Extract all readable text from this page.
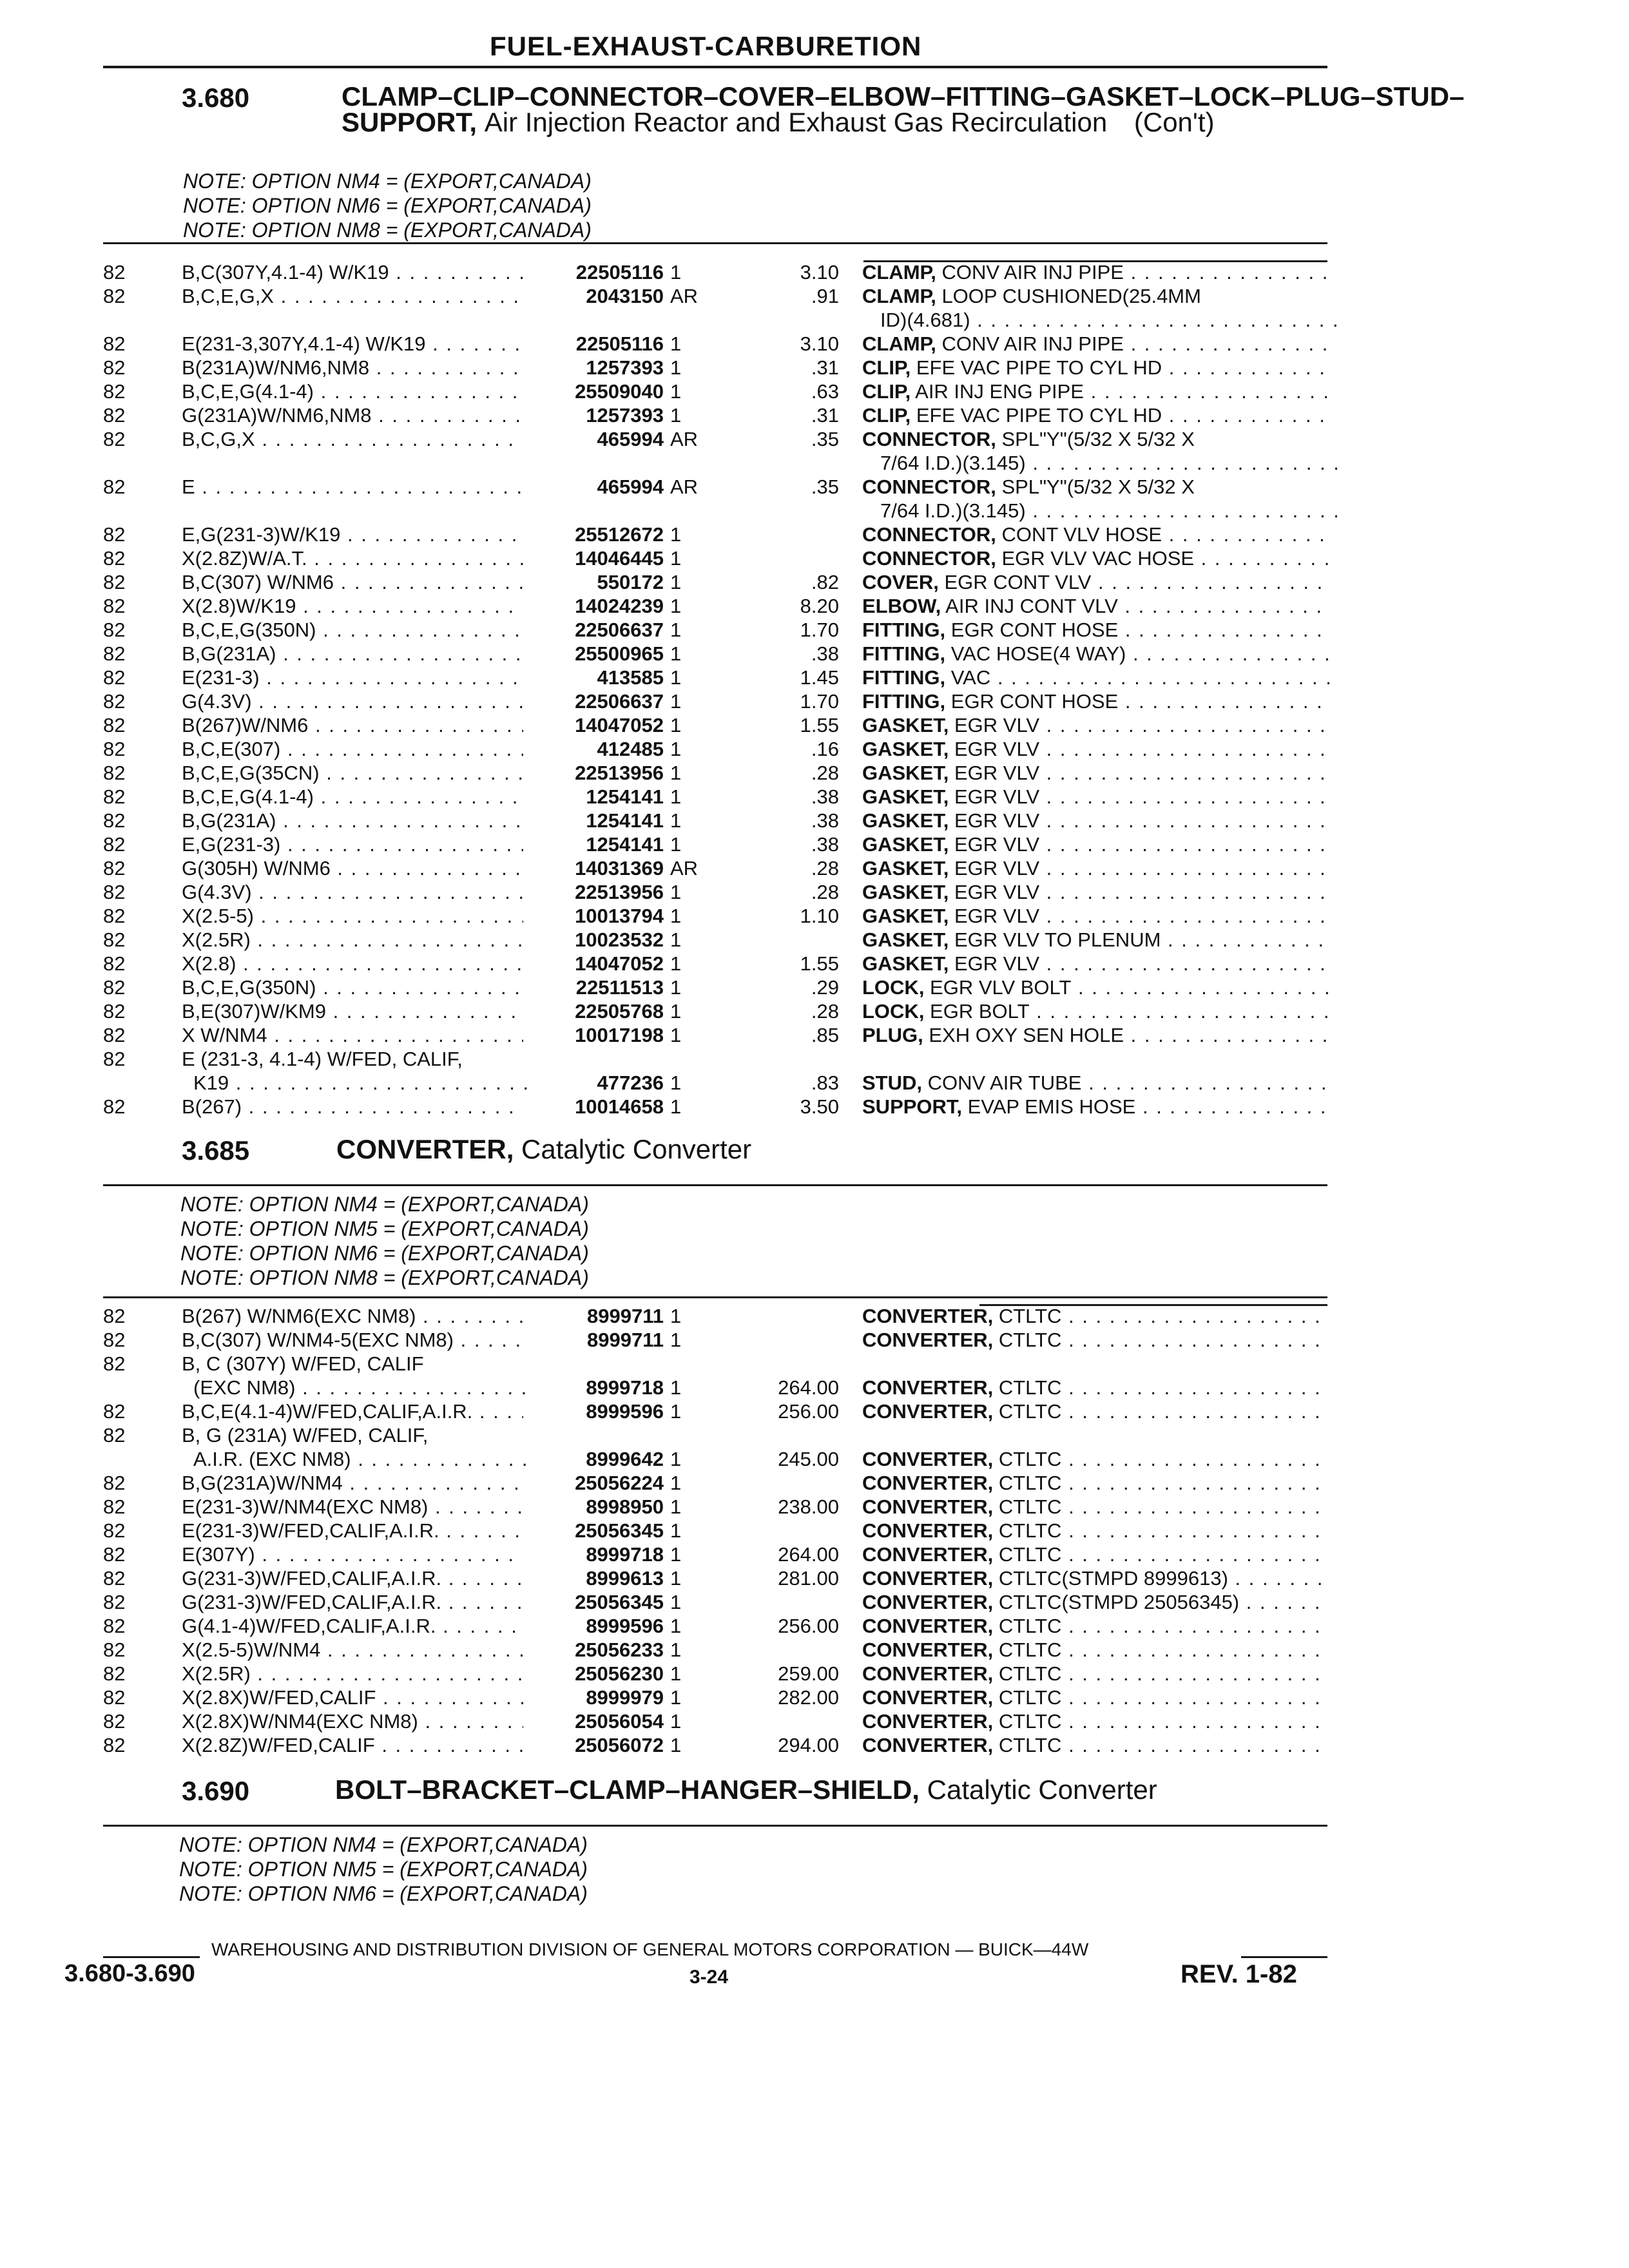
FUEL-EXHAUST-CARBURETION
3.680	CLAMP–CLIP–CONNECTOR–COVER–ELBOW–FITTING–GASKET–LOCK–PLUG–STUD–SUPPORT, Air Injection Reactor and Exhaust Gas Recirculation (Con't)
NOTE: OPTION NM4 = (EXPORT,CANADA)
NOTE: OPTION NM6 = (EXPORT,CANADA)
NOTE: OPTION NM8 = (EXPORT,CANADA)
82	B,C(307Y,4.1-4) W/K19 . . .	22505116 1	3.10 CLAMP, CONV AIR INJ PIPE . . .
82	B,C,E,G,X . . .	2043150 AR	.91 CLAMP, LOOP CUSHIONED(25.4MM
ID)(4.681) . . .
82	E(231-3,307Y,4.1-4) W/K19 . . .	22505116 1	3.10 CLAMP, CONV AIR INJ PIPE . . .
82	B(231A)W/NM6,NM8 . . .	1257393 1	.31 CLIP, EFE VAC PIPE TO CYL HD . . .
82	B,C,E,G(4.1-4) . . .	25509040 1	.63 CLIP, AIR INJ ENG PIPE . . .
82	G(231A)W/NM6,NM8 . . .	1257393 1	.31 CLIP, EFE VAC PIPE TO CYL HD . . .
82	B,C,G,X . . .	465994 AR	.35 CONNECTOR, SPL"Y"(5/32 X 5/32 X
7/64 I.D.)(3.145) . . .
82	E . . .	465994 AR	.35 CONNECTOR, SPL"Y"(5/32 X 5/32 X
7/64 I.D.)(3.145) . . .
82	E,G(231-3)W/K19 . . .	25512672 1	CONNECTOR, CONT VLV HOSE . . .
82	X(2.8Z)W/A.T. . . .	14046445 1	CONNECTOR, EGR VLV VAC HOSE . . .
82	B,C(307) W/NM6 . . .	550172 1	.82 COVER, EGR CONT VLV . . .
82	X(2.8)W/K19 . . .	14024239 1	8.20 ELBOW, AIR INJ CONT VLV . . .
82	B,C,E,G(350N) . . .	22506637 1	1.70 FITTING, EGR CONT HOSE . . .
82	B,G(231A) . . .	25500965 1	.38 FITTING, VAC HOSE(4 WAY) . . .
82	E(231-3) . . .	413585 1	1.45 FITTING, VAC . . .
82	G(4.3V) . . .	22506637 1	1.70 FITTING, EGR CONT HOSE . . .
82	B(267)W/NM6 . . .	14047052 1	1.55 GASKET, EGR VLV . . .
82	B,C,E(307) . . .	412485 1	.16 GASKET, EGR VLV . . .
82	B,C,E,G(35CN) . . .	22513956 1	.28 GASKET, EGR VLV . . .
82	B,C,E,G(4.1-4) . . .	1254141 1	.38 GASKET, EGR VLV . . .
82	B,G(231A) . . .	1254141 1	.38 GASKET, EGR VLV . . .
82	E,G(231-3) . . .	1254141 1	.38 GASKET, EGR VLV . . .
82	G(305H) W/NM6 . . .	14031369 AR	.28 GASKET, EGR VLV . . .
82	G(4.3V) . . .	22513956 1	.28 GASKET, EGR VLV . . .
82	X(2.5-5) . . .	10013794 1	1.10 GASKET, EGR VLV . . .
82	X(2.5R) . . .	10023532 1	GASKET, EGR VLV TO PLENUM . . .
82	X(2.8) . . .	14047052 1	1.55 GASKET, EGR VLV . . .
82	B,C,E,G(350N) . . .	22511513 1	.29 LOCK, EGR VLV BOLT . . .
82	B,E(307)W/KM9 . . .	22505768 1	.28 LOCK, EGR BOLT . . .
82	X W/NM4 . . .	10017198 1	.85 PLUG, EXH OXY SEN HOLE . . .
82	E (231-3, 4.1-4) W/FED, CALIF,
K19 . . .	477236 1	.83 STUD, CONV AIR TUBE . . .
82	B(267) . . .	10014658 1	3.50 SUPPORT, EVAP EMIS HOSE . . .
3.685	CONVERTER, Catalytic Converter
NOTE: OPTION NM4 = (EXPORT,CANADA)
NOTE: OPTION NM5 = (EXPORT,CANADA)
NOTE: OPTION NM6 = (EXPORT,CANADA)
NOTE: OPTION NM8 = (EXPORT,CANADA)
82	B(267) W/NM6(EXC NM8) . . .	8999711 1	CONVERTER, CTLTC . . .
82	B,C(307) W/NM4-5(EXC NM8) . . .	8999711 1	CONVERTER, CTLTC . . .
82	B, C (307Y) W/FED, CALIF
(EXC NM8) . . .	8999718 1	264.00 CONVERTER, CTLTC . . .
82	B,C,E(4.1-4)W/FED,CALIF,A.I.R. . . .	8999596 1	256.00 CONVERTER, CTLTC . . .
82	B, G (231A) W/FED, CALIF,
A.I.R. (EXC NM8) . . .	8999642 1	245.00 CONVERTER, CTLTC . . .
82	B,G(231A)W/NM4 . . .	25056224 1	CONVERTER, CTLTC . . .
82	E(231-3)W/NM4(EXC NM8) . . .	8998950 1	238.00 CONVERTER, CTLTC . . .
82	E(231-3)W/FED,CALIF,A.I.R. . . .	25056345 1	CONVERTER, CTLTC . . .
82	E(307Y) . . .	8999718 1	264.00 CONVERTER, CTLTC . . .
82	G(231-3)W/FED,CALIF,A.I.R. . . .	8999613 1	281.00 CONVERTER, CTLTC(STMPD 8999613) . . .
82	G(231-3)W/FED,CALIF,A.I.R. . . .	25056345 1	CONVERTER, CTLTC(STMPD 25056345) . . .
82	G(4.1-4)W/FED,CALIF,A.I.R. . . .	8999596 1	256.00 CONVERTER, CTLTC . . .
82	X(2.5-5)W/NM4 . . .	25056233 1	CONVERTER, CTLTC . . .
82	X(2.5R) . . .	25056230 1	259.00 CONVERTER, CTLTC . . .
82	X(2.8X)W/FED,CALIF . . .	8999979 1	282.00 CONVERTER, CTLTC . . .
82	X(2.8X)W/NM4(EXC NM8) . . .	25056054 1	CONVERTER, CTLTC . . .
82	X(2.8Z)W/FED,CALIF . . .	25056072 1	294.00 CONVERTER, CTLTC . . .
3.690	BOLT–BRACKET–CLAMP–HANGER–SHIELD, Catalytic Converter
NOTE: OPTION NM4 = (EXPORT,CANADA)
NOTE: OPTION NM5 = (EXPORT,CANADA)
NOTE: OPTION NM6 = (EXPORT,CANADA)
WAREHOUSING AND DISTRIBUTION DIVISION OF GENERAL MOTORS CORPORATION — BUICK—44W
3.680-3.690	3-24	REV. 1-82
